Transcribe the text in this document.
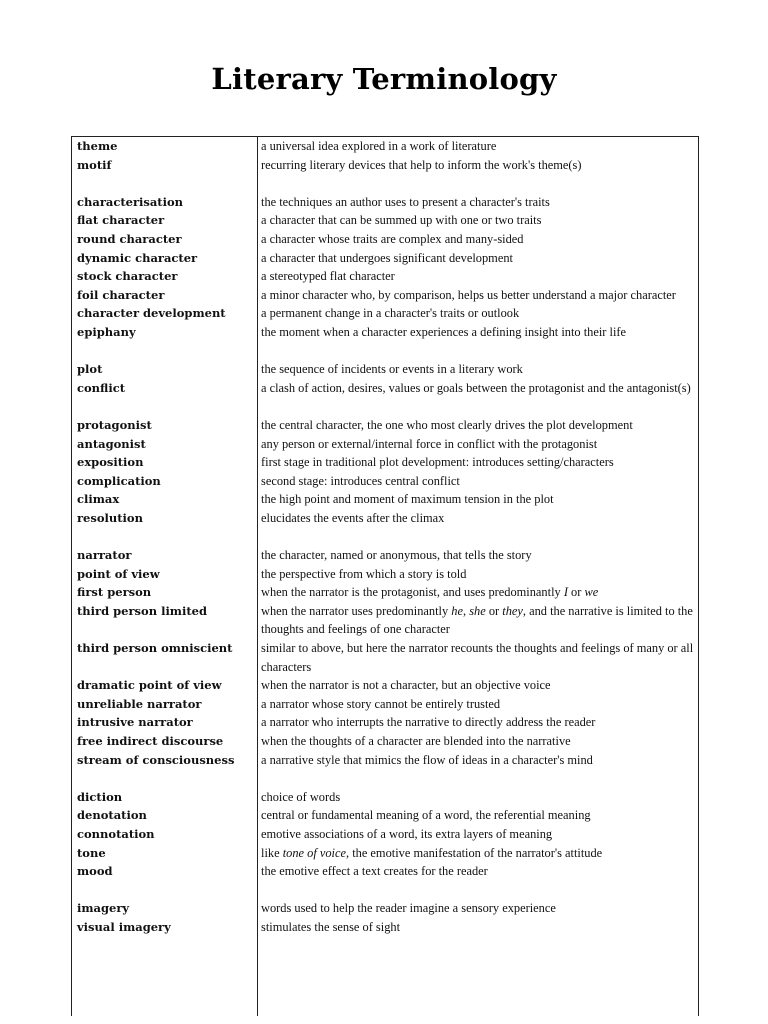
Literary Terminology
theme	a universal idea explored in a work of literature
motif	recurring literary devices that help to inform the work's theme(s)
characterisation	the techniques an author uses to present a character's traits
flat character	a character that can be summed up with one or two traits
round character	a character whose traits are complex and many-sided
dynamic character	a character that undergoes significant development
stock character	a stereotyped flat character
foil character	a minor character who, by comparison, helps us better understand a major character
character development	a permanent change in a character's traits or outlook
epiphany	the moment when a character experiences a defining insight into their life
plot	the sequence of incidents or events in a literary work
conflict	a clash of action, desires, values or goals between the protagonist and the antagonist(s)
protagonist	the central character, the one who most clearly drives the plot development
antagonist	any person or external/internal force in conflict with the protagonist
exposition	first stage in traditional plot development: introduces setting/characters
complication	second stage: introduces central conflict
climax	the high point and moment of maximum tension in the plot
resolution	elucidates the events after the climax
narrator	the character, named or anonymous, that tells the story
point of view	the perspective from which a story is told
first person	when the narrator is the protagonist, and uses predominantly I or we
third person limited	when the narrator uses predominantly he, she or they, and the narrative is limited to the thoughts and feelings of one character
third person omniscient	similar to above, but here the narrator recounts the thoughts and feelings of many or all characters
dramatic point of view	when the narrator is not a character, but an objective voice
unreliable narrator	a narrator whose story cannot be entirely trusted
intrusive narrator	a narrator who interrupts the narrative to directly address the reader
free indirect discourse	when the thoughts of a character are blended into the narrative
stream of consciousness	a narrative style that mimics the flow of ideas in a character's mind
diction	choice of words
denotation	central or fundamental meaning of a word, the referential meaning
connotation	emotive associations of a word, its extra layers of meaning
tone	like tone of voice, the emotive manifestation of the narrator's attitude
mood	the emotive effect a text creates for the reader
imagery	words used to help the reader imagine a sensory experience
visual imagery	stimulates the sense of sight
